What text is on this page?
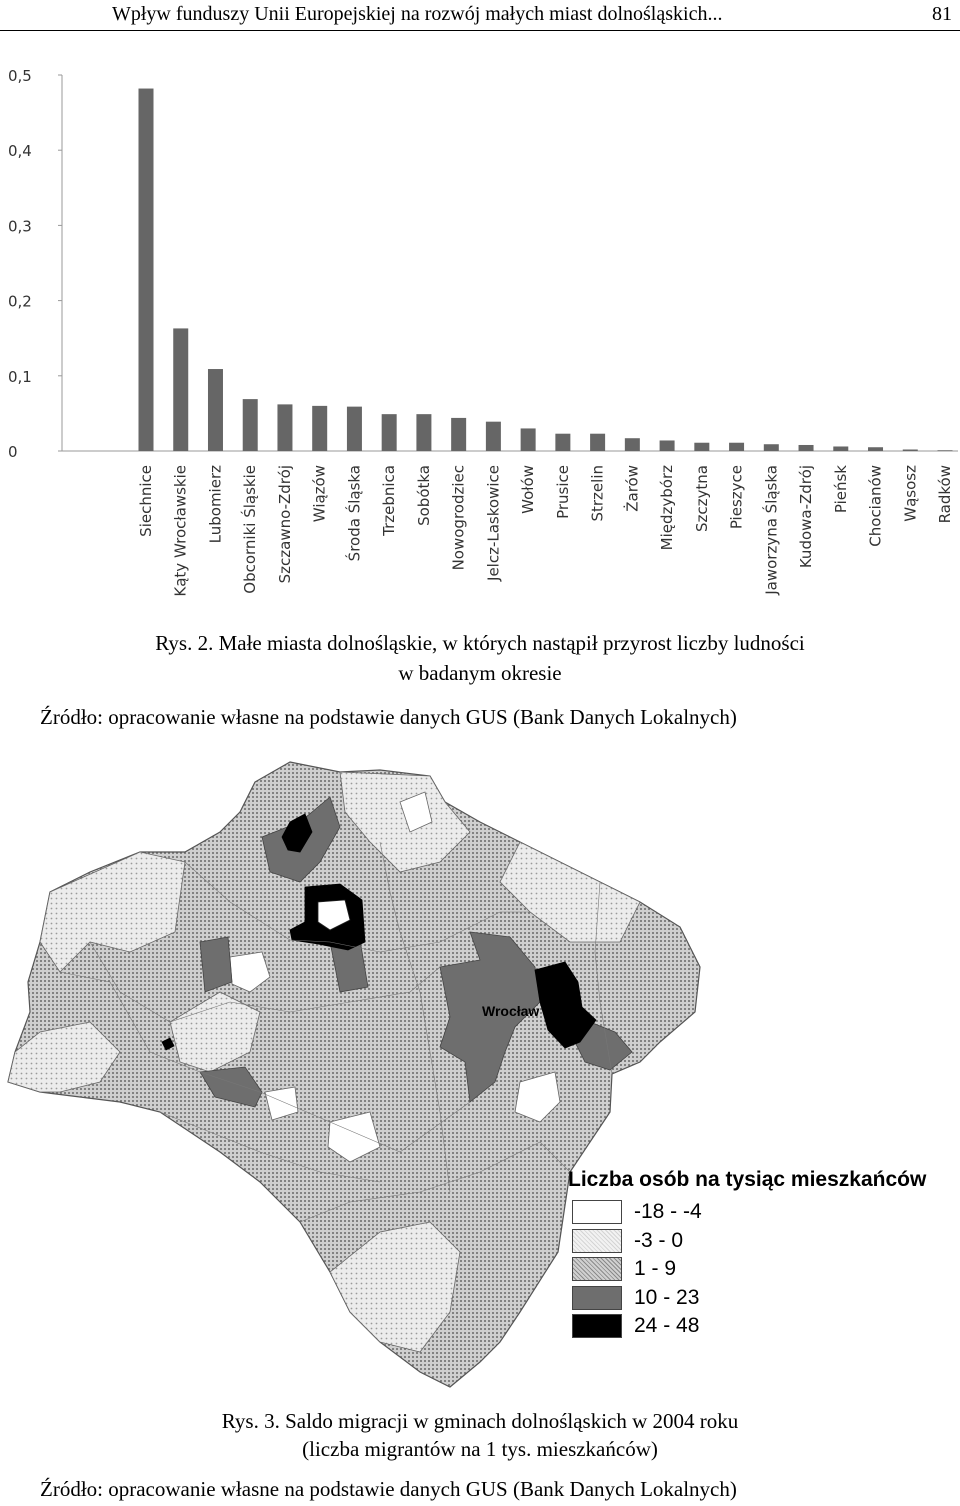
Wpływ funduszy Unii Europejskiej na rozwój małych miast dolnośląskich...	81
0
0,1
0,2
0,3
0,4
0,5
Siechnice Kąty Wrocławskie Lubomierz Obcorniki Śląskie Szczawno-Zdrój Wiązów Środa Śląska Trzebnica Sobótka Nowogrodziec Jelcz-Laskowice Wołów Prusice Strzelin Żarów Międzybórz Szczytna Pieszyce Jaworzyna Śląska Kudowa-Zdrój Pieńsk Chocianów Wąsosz Radków
Rys. 2. Małe miasta dolnośląskie, w których nastąpił przyrost liczby ludności
w badanym okresie
Źródło: opracowanie własne na podstawie danych GUS (Bank Danych Lokalnych)
Wrocław
Liczba osób na tysiąc mieszkańców
-18 - -4
-3 - 0
1 - 9
10 - 23
24 - 48
Rys. 3. Saldo migracji w gminach dolnośląskich w 2004 roku
(liczba migrantów na 1 tys. mieszkańców)
Źródło: opracowanie własne na podstawie danych GUS (Bank Danych Lokalnych)
